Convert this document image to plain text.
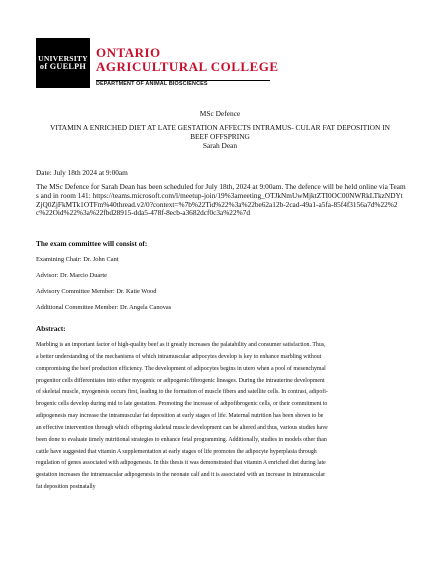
UNIVERSITY
of GUELPH
ONTARIO
AGRICULTURAL COLLEGE
DEPARTMENT OF ANIMAL BIOSCIENCES
MSc Defence
VITAMIN A ENRICHED DIET AT LATE GESTATION AFFECTS INTRAMUS- CULAR FAT DEPOSITION IN BEEF OFFSPRING
Sarah Dean
Date: July 18th 2024 at 9:00am
The MSc Defence for Sarah Dean has been scheduled for July 18th, 2024 at 9:00am. The defence will be held online via Teams and in room 141: https://teams.microsoft.com/l/meetup-join/19%3ameeting_OTJkNmUwMjktZTI0OC00NWRkLTkzNDYtZjQ0ZjFkMTk1OTFm%40thread.v2/0?context=%7b%22Tid%22%3a%22be62a12b-2cad-49a1-a5fa-85f4f3156a7d%22%2c%22Oid%22%3a%22fbd28915-dda5-478f-8ecb-a3682dcf0c3a%22%7d
The exam committee will consist of:
Examining Chair: Dr. John Cant
Advisor: Dr. Marcio Duarte
Advisory Committee Member: Dr. Katie Wood
Additional Committee Member: Dr. Angela Canovas
Abstract:
Marbling is an important factor of high-quality beef as it greatly increases the palatability and consumer satisfaction. Thus,
a better understanding of the mechanisms of which intramuscular adipocytes develop is key to enhance marbling without
compromising the beef production efficiency. The development of adipocytes begins in utero when a pool of mesenchymal
progenitor cells differentiates into either myogenic or adipogenic/fibrogenic lineages. During the intrauterine development
of skeletal muscle, myogenesis occurs first, leading to the formation of muscle fibers and satellite cells. In contrast, adipofi-
brogenic cells develop during mid to late gestation. Promoting the increase of adipofibrogenic cells, or their commitment to
adipogenesis may increase the intramuscular fat deposition at early stages of life. Maternal nutrition has been shown to be
an effective intervention through which offspring skeletal muscle development can be altered and thus, various studies have
been done to evaluate timely nutritional strategies to enhance fetal programming. Additionally, studies in models other than
cattle have suggested that vitamin A supplementation at early stages of life promotes the adipocyte hyperplasia through
regulation of genes associated with adipogenesis. In this thesis it was demonstrated that vitamin A enriched diet during late
gestation increases the intramuscular adipogenesis in the neonate calf and it is associated with an increase in intramuscular
fat deposition postnatally
